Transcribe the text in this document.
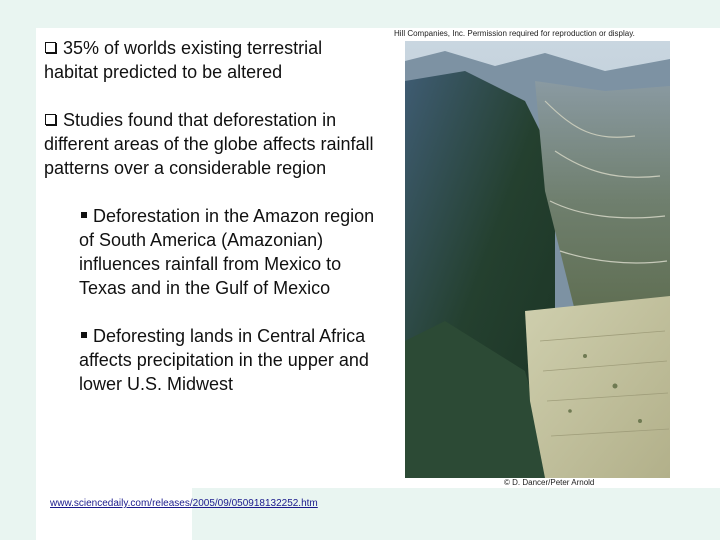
35% of worlds existing terrestrial habitat predicted to be altered

Studies found that deforestation in different areas of the globe affects rainfall patterns over a considerable region

Deforestation in the Amazon region of South America (Amazonian) influences rainfall from Mexico to Texas and in the Gulf of Mexico

Deforesting lands in Central Africa affects precipitation in the upper and lower U.S. Midwest

Hill Companies, Inc. Permission required for reproduction or display.
© D. Dancer/Peter Arnold
www.sciencedaily.com/releases/2005/09/050918132252.htm
